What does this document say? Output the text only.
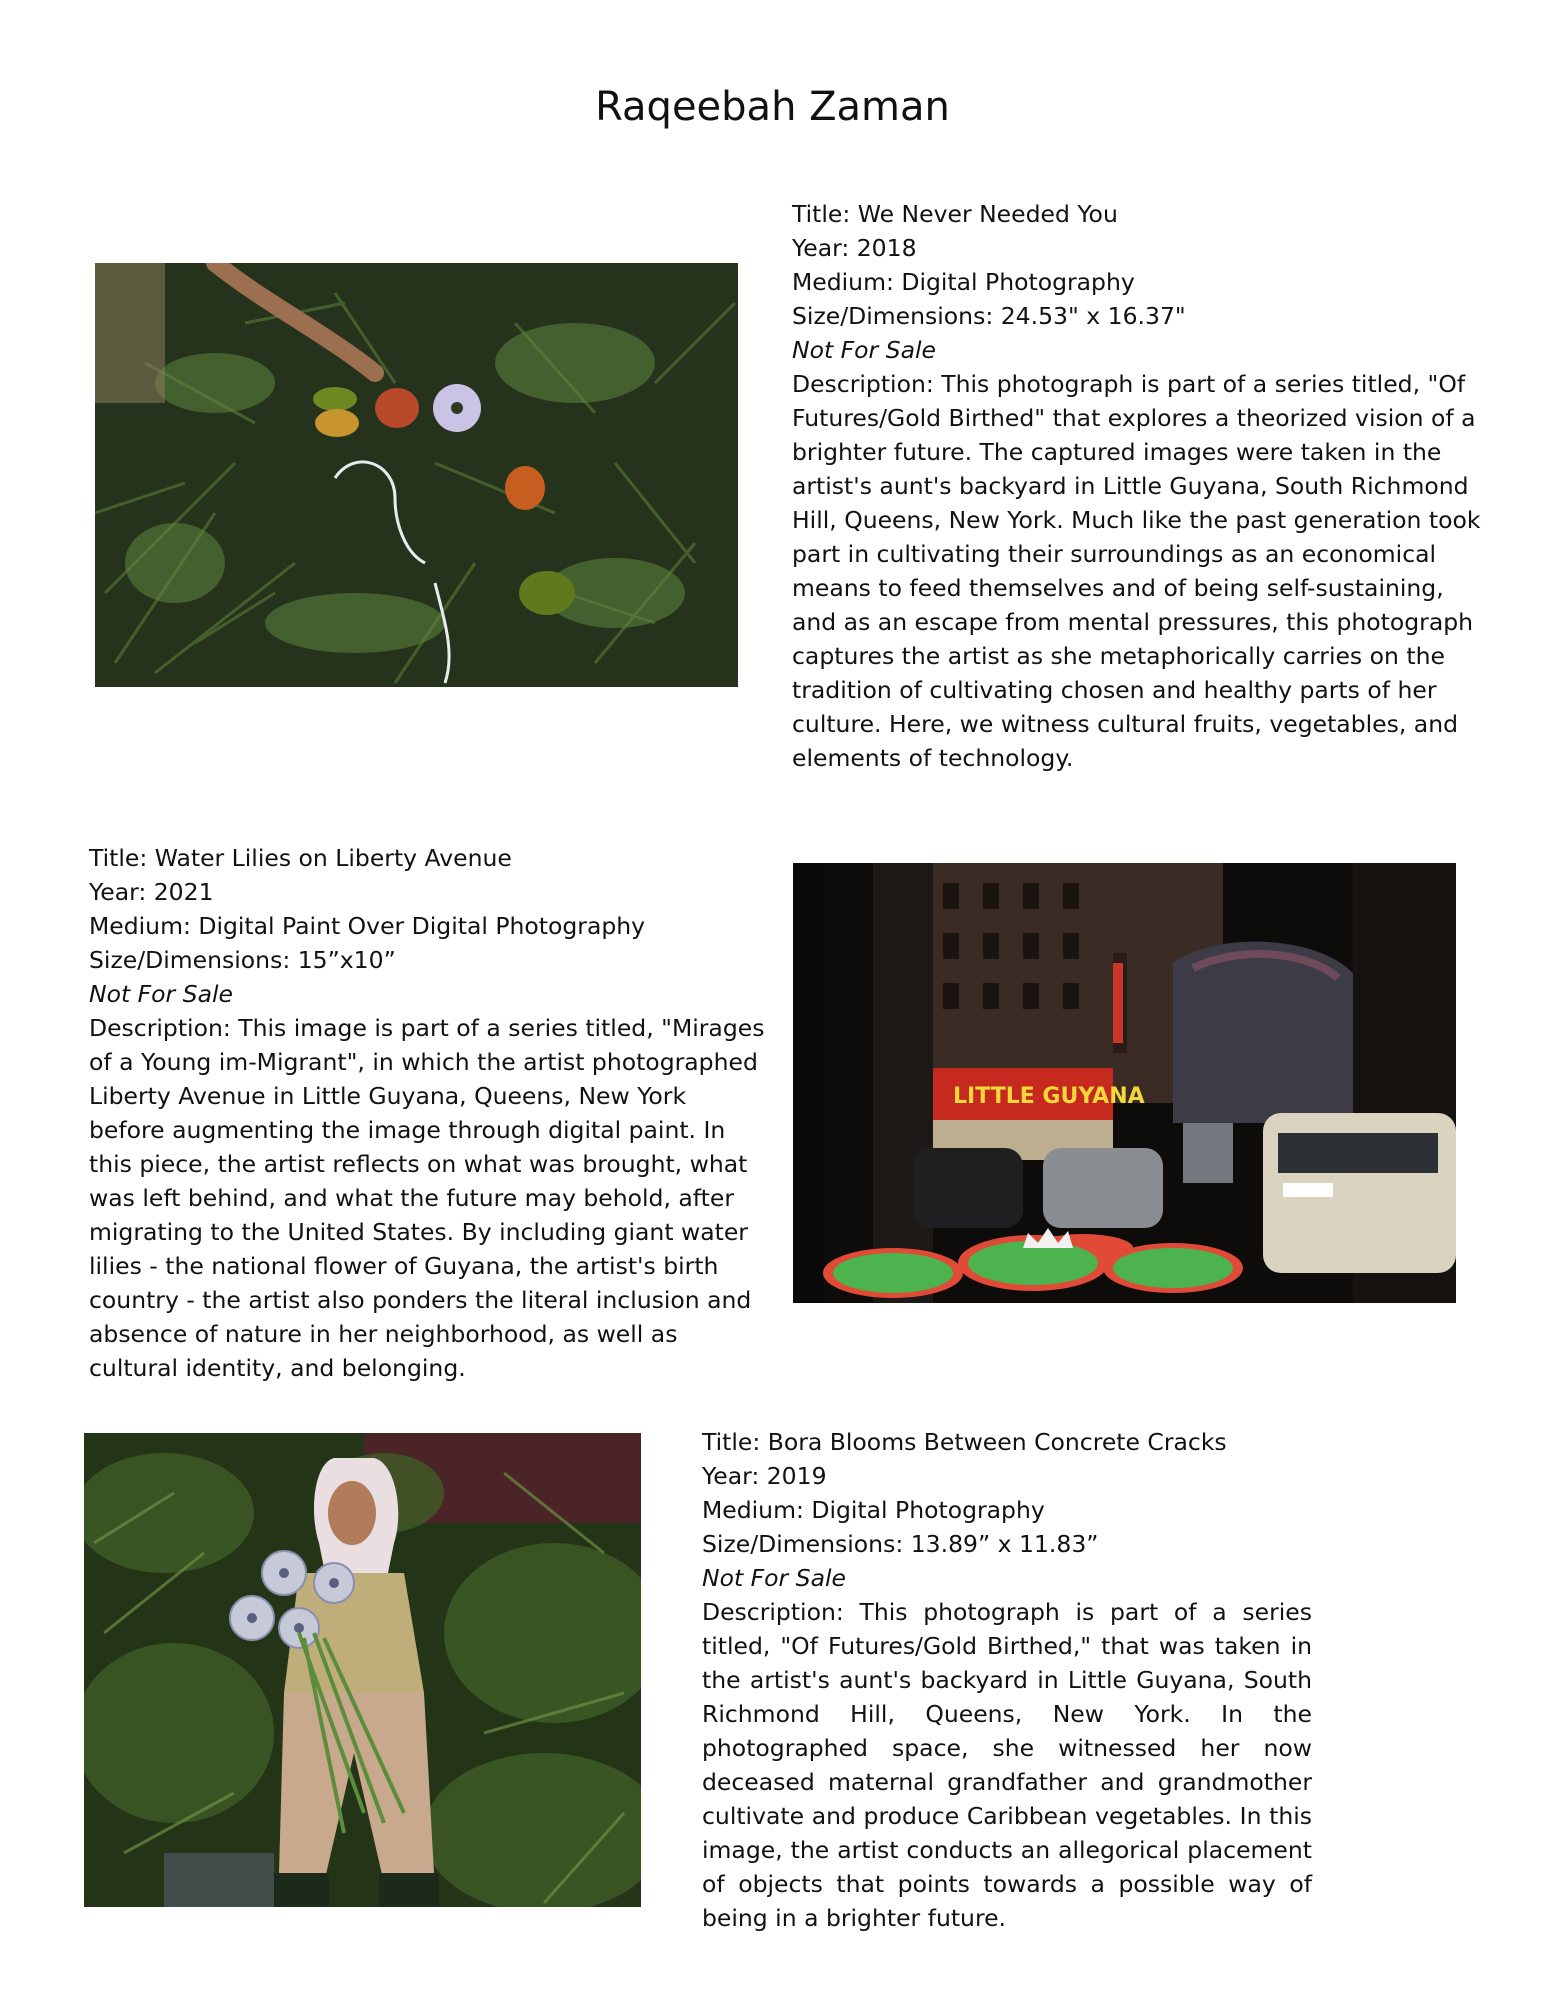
Raqeebah Zaman
Title: We Never Needed You
Year: 2018
Medium: Digital Photography
Size/Dimensions: 24.53" x 16.37"
Not For Sale
Description: This photograph is part of a series titled, "Of Futures/Gold Birthed" that explores a theorized vision of a brighter future. The captured images were taken in the artist's aunt's backyard in Little Guyana, South Richmond Hill, Queens, New York. Much like the past generation took part in cultivating their surroundings as an economical means to feed themselves and of being self-sustaining, and as an escape from mental pressures, this photograph captures the artist as she metaphorically carries on the tradition of cultivating chosen and healthy parts of her culture. Here, we witness cultural fruits, vegetables, and elements of technology.
Title: Water Lilies on Liberty Avenue
Year: 2021
Medium: Digital Paint Over Digital Photography
Size/Dimensions: 15”x10”
Not For Sale
Description: This image is part of a series titled, "Mirages of a Young im-Migrant", in which the artist photographed Liberty Avenue in Little Guyana, Queens, New York before augmenting the image through digital paint. In this piece, the artist reflects on what was brought, what was left behind, and what the future may behold, after migrating to the United States. By including giant water lilies - the national flower of Guyana, the artist's birth country - the artist also ponders the literal inclusion and absence of nature in her neighborhood, as well as cultural identity, and belonging.
LITTLE GUYANA
Title: Bora Blooms Between Concrete Cracks
Year: 2019
Medium: Digital Photography
Size/Dimensions: 13.89” x 11.83”
Not For Sale
Description: This photograph is part of a series titled, "Of Futures/Gold Birthed," that was taken in the artist's aunt's backyard in Little Guyana, South Richmond Hill, Queens, New York. In the photographed space, she witnessed her now deceased maternal grandfather and grandmother cultivate and produce Caribbean vegetables. In this image, the artist conducts an allegorical placement of objects that points towards a possible way of being in a brighter future.
